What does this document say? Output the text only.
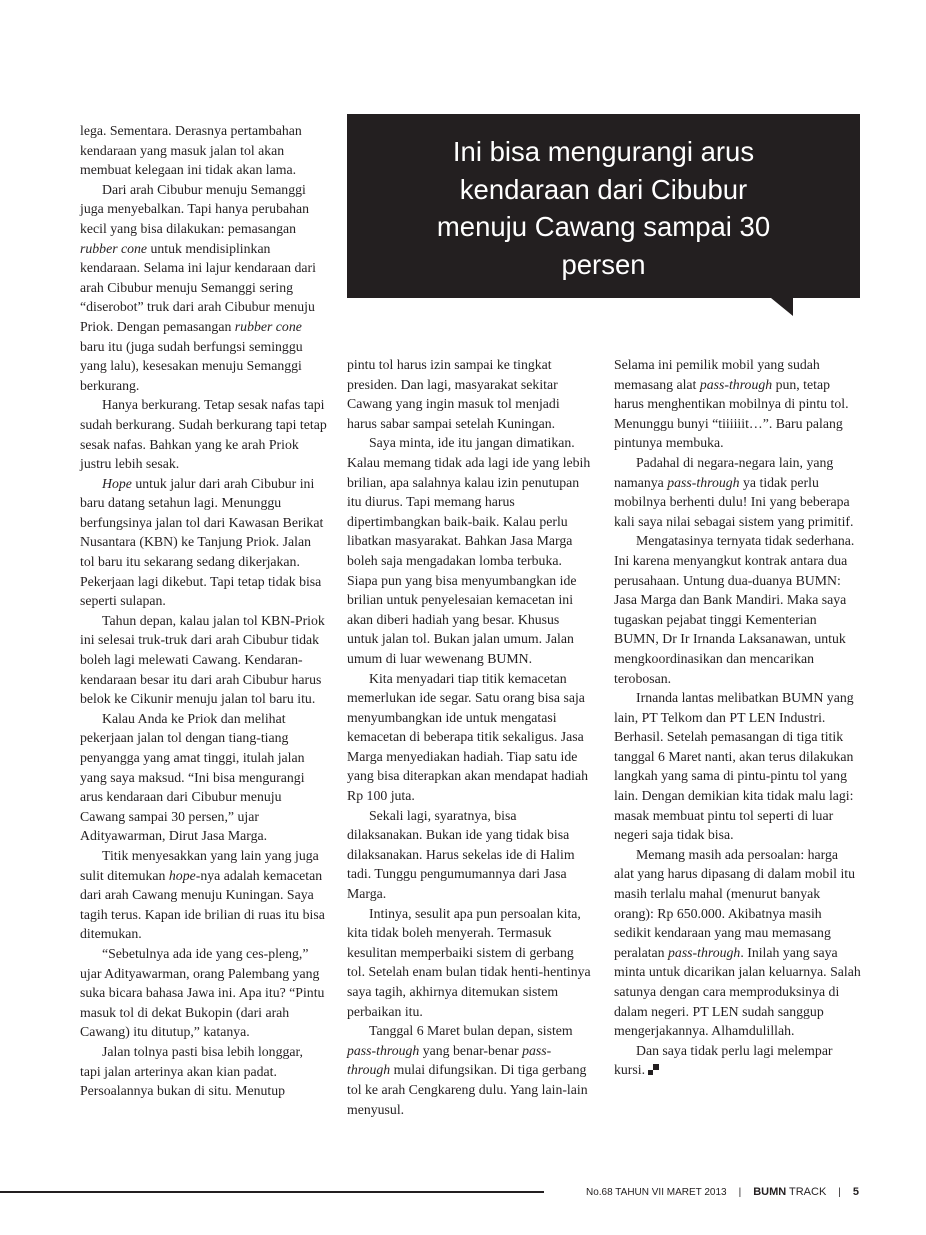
lega. Sementara. Derasnya pertambahan kendaraan yang masuk jalan tol akan membuat kelegaan ini tidak akan lama.

Dari arah Cibubur menuju Semanggi juga menyebalkan. Tapi hanya perubahan kecil yang bisa dilakukan: pemasangan rubber cone untuk mendisiplinkan kendaraan. Selama ini lajur kendaraan dari arah Cibubur menuju Semanggi sering “diserobot” truk dari arah Cibubur menuju Priok. Dengan pemasangan rubber cone baru itu (juga sudah berfungsi seminggu yang lalu), kesesakan menuju Semanggi berkurang.

Hanya berkurang. Tetap sesak nafas tapi sudah berkurang. Sudah berkurang tapi tetap sesak nafas. Bahkan yang ke arah Priok justru lebih sesak.

Hope untuk jalur dari arah Cibubur ini baru datang setahun lagi. Menunggu berfungsinya jalan tol dari Kawasan Berikat Nusantara (KBN) ke Tanjung Priok. Jalan tol baru itu sekarang sedang dikerjakan. Pekerjaan lagi dikebut. Tapi tetap tidak bisa seperti sulapan.

Tahun depan, kalau jalan tol KBN-Priok ini selesai truk-truk dari arah Cibubur tidak boleh lagi melewati Cawang. Kendaran-kendaraan besar itu dari arah Cibubur harus belok ke Cikunir menuju jalan tol baru itu.

Kalau Anda ke Priok dan melihat pekerjaan jalan tol dengan tiang-tiang penyangga yang amat tinggi, itulah jalan yang saya maksud. “Ini bisa mengurangi arus kendaraan dari Cibubur menuju Cawang sampai 30 persen,” ujar Adityawarman, Dirut Jasa Marga.

Titik menyesakkan yang lain yang juga sulit ditemukan hope-nya adalah kemacetan dari arah Cawang menuju Kuningan. Saya tagih terus. Kapan ide brilian di ruas itu bisa ditemukan.

“Sebetulnya ada ide yang ces-pleng,” ujar Adityawarman, orang Palembang yang suka bicara bahasa Jawa ini. Apa itu? “Pintu masuk tol di dekat Bukopin (dari arah Cawang) itu ditutup,” katanya.

Jalan tolnya pasti bisa lebih longgar, tapi jalan arterinya akan kian padat. Persoalannya bukan di situ. Menutup

Ini bisa mengurangi arus kendaraan dari Cibubur menuju Cawang sampai 30 persen

pintu tol harus izin sampai ke tingkat presiden. Dan lagi, masyarakat sekitar Cawang yang ingin masuk tol menjadi harus sabar sampai setelah Kuningan.

Saya minta, ide itu jangan dimatikan. Kalau memang tidak ada lagi ide yang lebih brilian, apa salahnya kalau izin penutupan itu diurus. Tapi memang harus dipertimbangkan baik-baik. Kalau perlu libatkan masyarakat. Bahkan Jasa Marga boleh saja mengadakan lomba terbuka. Siapa pun yang bisa menyumbangkan ide brilian untuk penyelesaian kemacetan ini akan diberi hadiah yang besar. Khusus untuk jalan tol. Bukan jalan umum. Jalan umum di luar wewenang BUMN.

Kita menyadari tiap titik kemacetan memerlukan ide segar. Satu orang bisa saja menyumbangkan ide untuk mengatasi kemacetan di beberapa titik sekaligus. Jasa Marga menyediakan hadiah. Tiap satu ide yang bisa diterapkan akan mendapat hadiah Rp 100 juta.

Sekali lagi, syaratnya, bisa dilaksanakan. Bukan ide yang tidak bisa dilaksanakan. Harus sekelas ide di Halim tadi. Tunggu pengumumannya dari Jasa Marga.

Intinya, sesulit apa pun persoalan kita, kita tidak boleh menyerah. Termasuk kesulitan memperbaiki sistem di gerbang tol. Setelah enam bulan tidak henti-hentinya saya tagih, akhirnya ditemukan sistem perbaikan itu.

Tanggal 6 Maret bulan depan, sistem pass-through yang benar-benar pass-through mulai difungsikan. Di tiga gerbang tol ke arah Cengkareng dulu. Yang lain-lain menyusul.

Selama ini pemilik mobil yang sudah memasang alat pass-through pun, tetap harus menghentikan mobilnya di pintu tol. Menunggu bunyi “tiiiiiit…”. Baru palang pintunya membuka.

Padahal di negara-negara lain, yang namanya pass-through ya tidak perlu mobilnya berhenti dulu! Ini yang beberapa kali saya nilai sebagai sistem yang primitif.

Mengatasinya ternyata tidak sederhana. Ini karena menyangkut kontrak antara dua perusahaan. Untung dua-duanya BUMN: Jasa Marga dan Bank Mandiri. Maka saya tugaskan pejabat tinggi Kementerian BUMN, Dr Ir Irnanda Laksanawan, untuk mengkoordinasikan dan mencarikan terobosan.

Irnanda lantas melibatkan BUMN yang lain, PT Telkom dan PT LEN Industri. Berhasil. Setelah pemasangan di tiga titik tanggal 6 Maret nanti, akan terus dilakukan langkah yang sama di pintu-pintu tol yang lain. Dengan demikian kita tidak malu lagi: masak membuat pintu tol seperti di luar negeri saja tidak bisa.

Memang masih ada persoalan: harga alat yang harus dipasang di dalam mobil itu masih terlalu mahal (menurut banyak orang): Rp 650.000. Akibatnya masih sedikit kendaraan yang mau memasang peralatan pass-through. Inilah yang saya minta untuk dicarikan jalan keluarnya. Salah satunya dengan cara memproduksinya di dalam negeri. PT LEN sudah sanggup mengerjakannya. Alhamdulillah.

Dan saya tidak perlu lagi melempar kursi.

No.68 TAHUN VII MARET 2013 | BUMN TRACK | 5
